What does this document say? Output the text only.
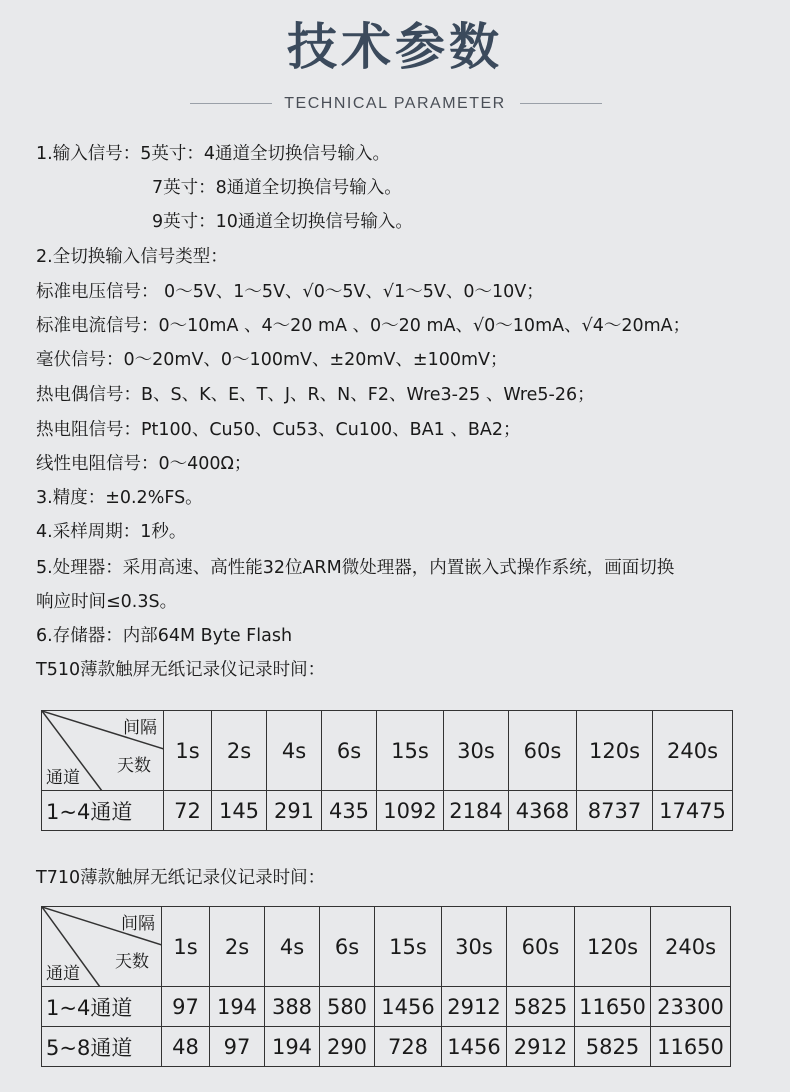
技术参数
TECHNICAL PARAMETER
1.输入信号：5英寸：4通道全切换信号输入。
7英寸：8通道全切换信号输入。
9英寸：10通道全切换信号输入。
2.全切换输入信号类型：
标准电压信号： 0～5V、1～5V、√0～5V、√1～5V、0～10V；
标准电流信号：0～10mA 、4～20 mA 、0～20 mA、√0～10mA、√4～20mA；
毫伏信号：0～20mV、0～100mV、±20mV、±100mV；
热电偶信号：B、S、K、E、T、J、R、N、F2、Wre3-25 、Wre5-26；
热电阻信号：Pt100、Cu50、Cu53、Cu100、BA1 、BA2；
线性电阻信号：0～400Ω；
3.精度：±0.2%FS。
4.采样周期：1秒。
5.处理器：采用高速、高性能32位ARM微处理器，内置嵌入式操作系统，画面切换
响应时间≤0.3S。
6.存储器：内部64M Byte Flash
T510薄款触屏无纸记录仪记录时间：
间隔
天数
通道	1s	2s	4s	6s	15s	30s	60s	120s	240s
1~4通道	72	145	291	435	1092	2184	4368	8737	17475
T710薄款触屏无纸记录仪记录时间：
间隔
天数
通道	1s	2s	4s	6s	15s	30s	60s	120s	240s
1~4通道	97	194	388	580	1456	2912	5825	11650	23300
5~8通道	48	97	194	290	728	1456	2912	5825	11650
